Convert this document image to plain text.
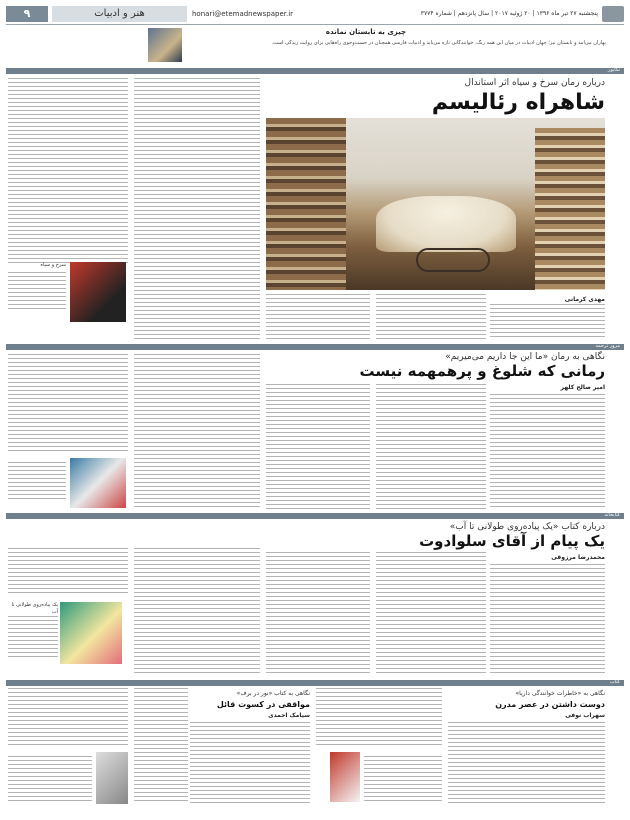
۹	هنر و ادبیات	honari@etemadnewspaper.ir	پنجشنبه ۲۷ تیر ماه ۱۳۹۶ | ۲۰ ژوئیه ۲۰۱۷ | سال پانزدهم | شماره ۳۷۷۴
چیزی به تابستان نمانده
بهاران می‌آمد و تابستان نیز؛ جهان ادبیات در میان این همه رنگ، خوانندگانی تازه می‌یابد و ادبیات فارسی همچنان در جست‌وجوی راه‌هایی برای روایت زندگی است.
تکاپور
درباره رمان سرخ و سیاه اثر استاندال
شاهراه رئالیسم
سرخ و سیاه
مهدی کرمانی
مرور ترجمه
نگاهی به رمان «ما این جا داریم می‌میریم»
رمانی که شلوغ و پرهمهمه نیست
امیر صالح کلهر
کتابخانه
درباره کتاب «یک پیاده‌روی طولانی تا آب»
یک پیام از آقای سلوادوت
یک پیاده‌روی طولانی تا آب
محمدرضا مرزوقی
کتاب
نگاهی به کتاب «نور در برف»
مواقفی در کسوت قائل
سیامک احمدی
نگاهی به «خاطرات خوانندگی داریا»
دوست داشتن در عصر مدرن
سهراب نوفی
